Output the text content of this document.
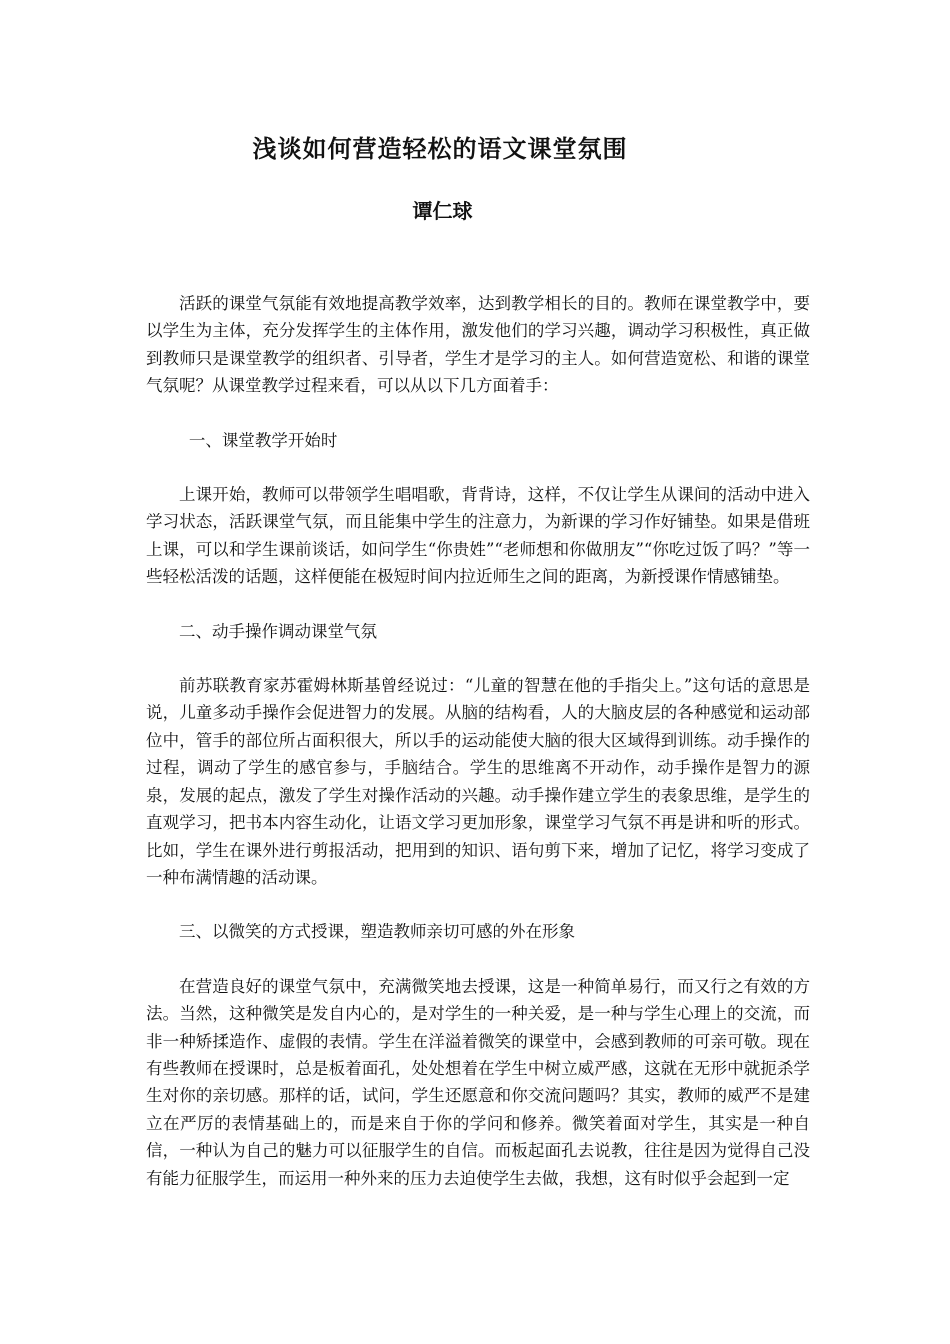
浅谈如何营造轻松的语文课堂氛围
谭仁球

活跃的课堂气氛能有效地提高教学效率，达到教学相长的目的。教师在课堂教学中，要以学生为主体，充分发挥学生的主体作用，激发他们的学习兴趣，调动学习积极性，真正做到教师只是课堂教学的组织者、引导者，学生才是学习的主人。如何营造宽松、和谐的课堂气氛呢？从课堂教学过程来看，可以从以下几方面着手：

一、课堂教学开始时

上课开始，教师可以带领学生唱唱歌，背背诗，这样，不仅让学生从课间的活动中进入学习状态，活跃课堂气氛，而且能集中学生的注意力，为新课的学习作好铺垫。如果是借班上课，可以和学生课前谈话，如问学生“你贵姓”“老师想和你做朋友”“你吃过饭了吗？”等一些轻松活泼的话题，这样便能在极短时间内拉近师生之间的距离，为新授课作情感铺垫。

二、动手操作调动课堂气氛

前苏联教育家苏霍姆林斯基曾经说过：“儿童的智慧在他的手指尖上。”这句话的意思是说，儿童多动手操作会促进智力的发展。从脑的结构看，人的大脑皮层的各种感觉和运动部位中，管手的部位所占面积很大，所以手的运动能使大脑的很大区域得到训练。动手操作的过程，调动了学生的感官参与，手脑结合。学生的思维离不开动作，动手操作是智力的源泉，发展的起点，激发了学生对操作活动的兴趣。动手操作建立学生的表象思维，是学生的直观学习，把书本内容生动化，让语文学习更加形象，课堂学习气氛不再是讲和听的形式。比如，学生在课外进行剪报活动，把用到的知识、语句剪下来，增加了记忆，将学习变成了一种布满情趣的活动课。

三、以微笑的方式授课，塑造教师亲切可感的外在形象

在营造良好的课堂气氛中，充满微笑地去授课，这是一种简单易行，而又行之有效的方法。当然，这种微笑是发自内心的，是对学生的一种关爱，是一种与学生心理上的交流，而非一种矫揉造作、虚假的表情。学生在洋溢着微笑的课堂中，会感到教师的可亲可敬。现在有些教师在授课时，总是板着面孔，处处想着在学生中树立威严感，这就在无形中就扼杀学生对你的亲切感。那样的话，试问，学生还愿意和你交流问题吗？其实，教师的威严不是建立在严厉的表情基础上的，而是来自于你的学问和修养。微笑着面对学生，其实是一种自信，一种认为自己的魅力可以征服学生的自信。而板起面孔去说教，往往是因为觉得自己没有能力征服学生，而运用一种外来的压力去迫使学生去做，我想，这有时似乎会起到一定
